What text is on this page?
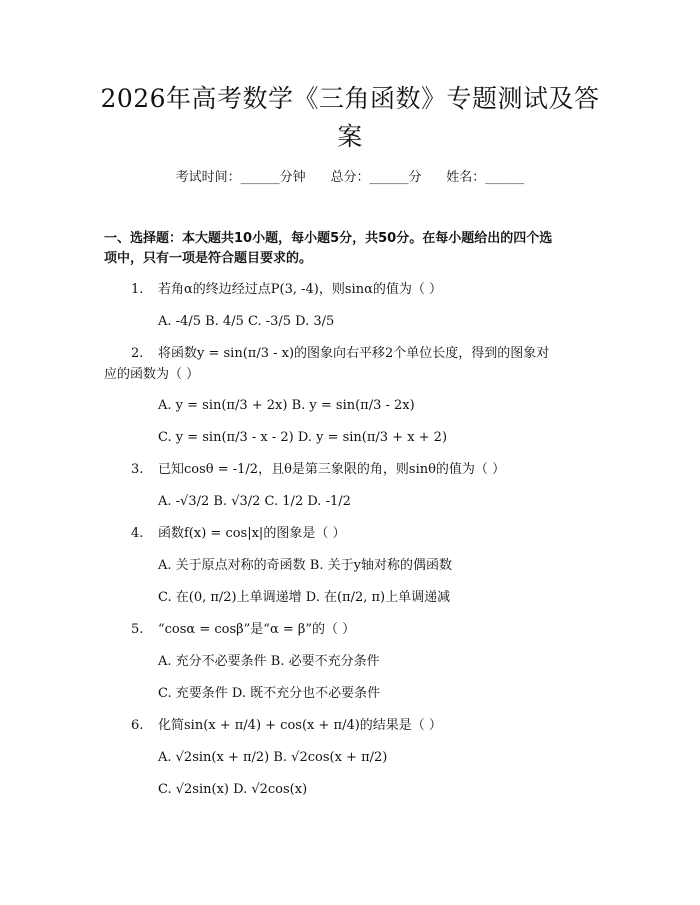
2026年高考数学《三角函数》专题测试及答
案
考试时间：______分钟 总分：______分 姓名：______
一、选择题：本大题共10小题，每小题5分，共50分。在每小题给出的四个选
项中，只有一项是符合题目要求的。
1. 若角α的终边经过点P(3, -4)，则sinα的值为（ ）
A. -4/5 B. 4/5 C. -3/5 D. 3/5
2. 将函数y = sin(π/3 - x)的图象向右平移2个单位长度，得到的图象对
应的函数为（ ）
A. y = sin(π/3 + 2x) B. y = sin(π/3 - 2x)
C. y = sin(π/3 - x - 2) D. y = sin(π/3 + x + 2)
3. 已知cosθ = -1/2，且θ是第三象限的角，则sinθ的值为（ ）
A. -√3/2 B. √3/2 C. 1/2 D. -1/2
4. 函数f(x) = cos|x|的图象是（ ）
A. 关于原点对称的奇函数 B. 关于y轴对称的偶函数
C. 在(0, π/2)上单调递增 D. 在(π/2, π)上单调递减
5. “cosα = cosβ”是“α = β”的（ ）
A. 充分不必要条件 B. 必要不充分条件
C. 充要条件 D. 既不充分也不必要条件
6. 化简sin(x + π/4) + cos(x + π/4)的结果是（ ）
A. √2sin(x + π/2) B. √2cos(x + π/2)
C. √2sin(x) D. √2cos(x)
